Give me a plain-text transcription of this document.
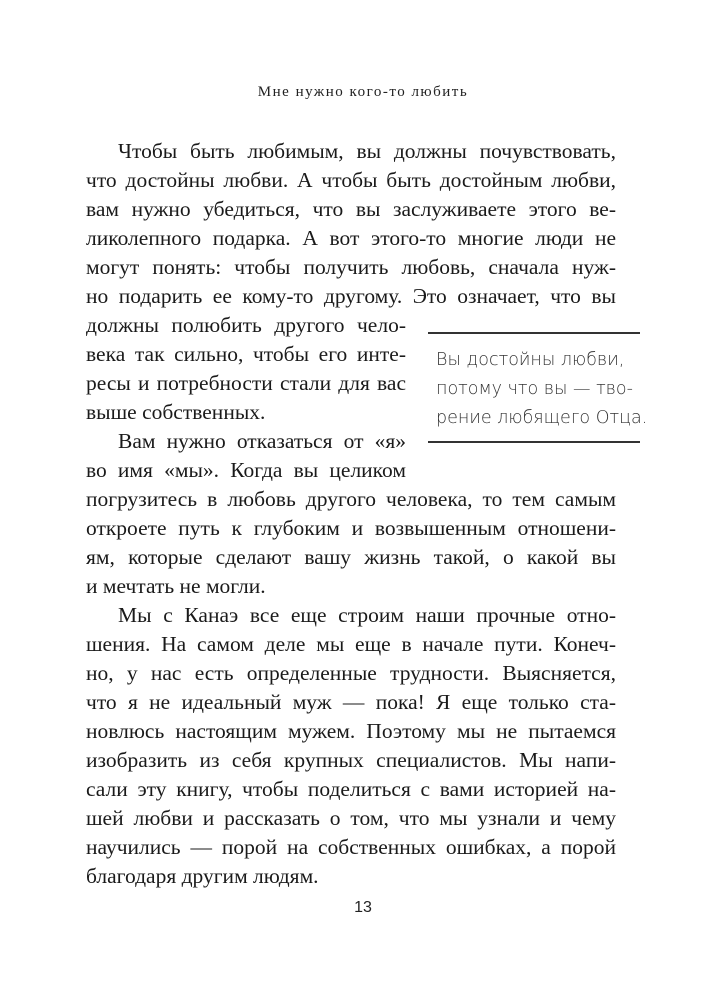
Мне нужно кого-то любить
Чтобы быть любимым, вы должны почувствовать,
что достойны любви. А чтобы быть достойным любви,
вам нужно убедиться, что вы заслуживаете этого ве-
ликолепного подарка. А вот этого-то многие люди не
могут понять: чтобы получить любовь, сначала нуж-
но подарить ее кому-то другому. Это означает, что вы
должны полюбить другого чело-
века так сильно, чтобы его инте-
ресы и потребности стали для вас
выше собственных.
Вам нужно отказаться от «я»
во имя «мы». Когда вы целиком
погрузитесь в любовь другого человека, то тем самым
откроете путь к глубоким и возвышенным отношени-
ям, которые сделают вашу жизнь такой, о какой вы
и мечтать не могли.
Мы с Канаэ все еще строим наши прочные отно-
шения. На самом деле мы еще в начале пути. Конеч-
но, у нас есть определенные трудности. Выясняется,
что я не идеальный муж — пока! Я еще только ста-
новлюсь настоящим мужем. Поэтому мы не пытаемся
изобразить из себя крупных специалистов. Мы напи-
сали эту книгу, чтобы поделиться с вами историей на-
шей любви и рассказать о том, что мы узнали и чему
научились — порой на собственных ошибках, а порой
благодаря другим людям.
Вы достойны любви,
потому что вы — тво-
рение любящего Отца.
13
